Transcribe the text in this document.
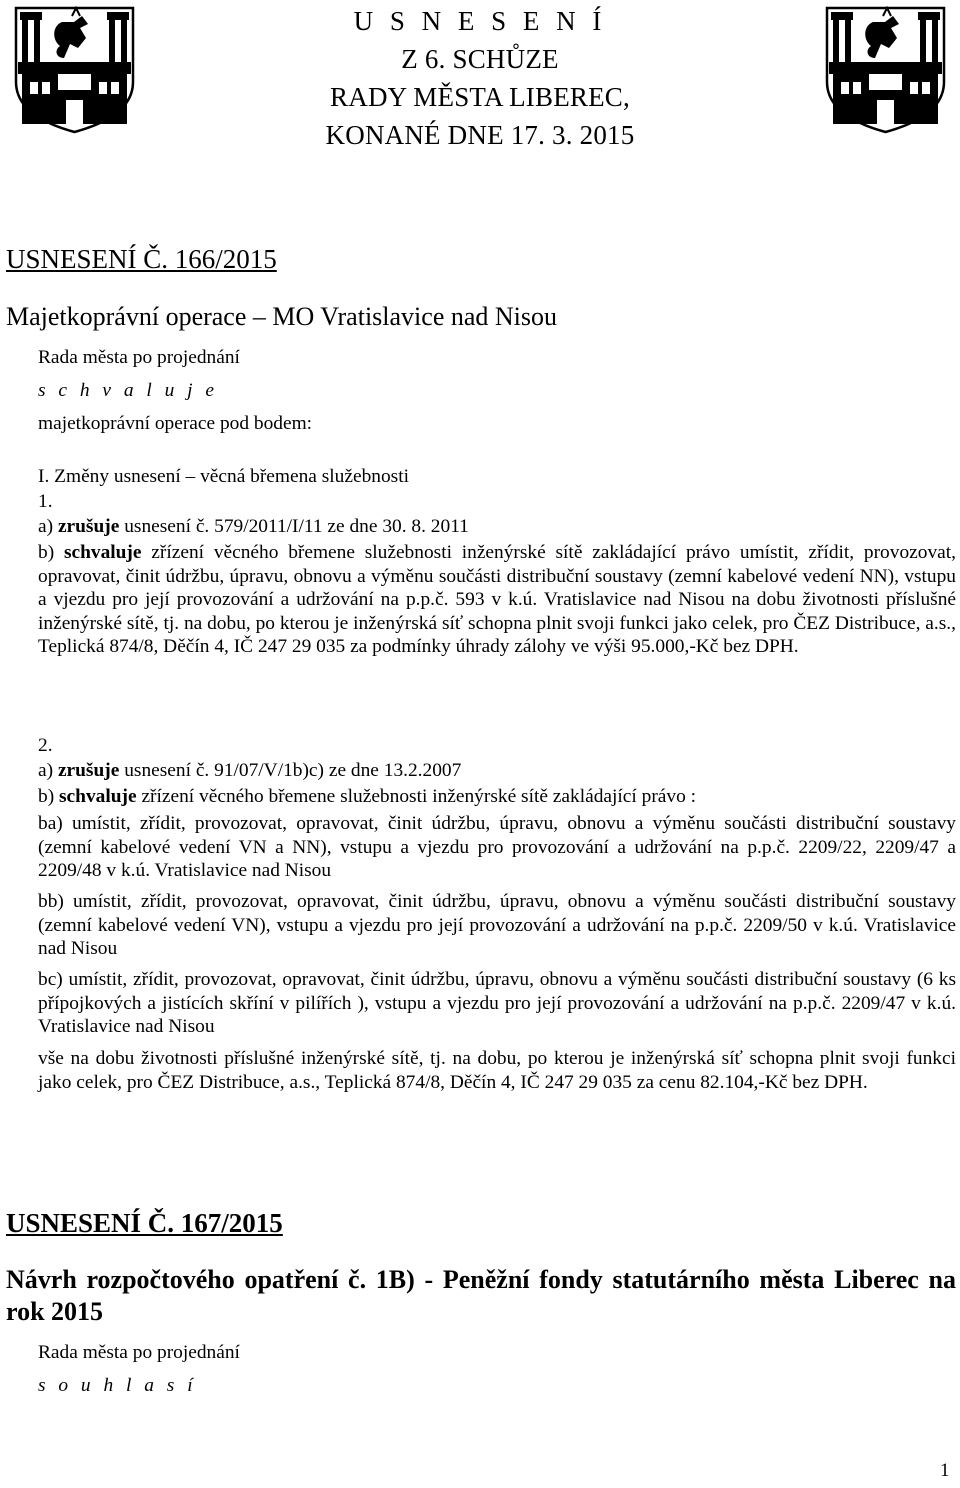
U S N E S E N Í
Z 6. SCHŮZE
RADY MĚSTA LIBEREC,
KONANÉ DNE 17. 3. 2015
USNESENÍ Č. 166/2015
Majetkoprávní operace – MO Vratislavice nad Nisou
Rada města po projednání
s c h v a l u j e
majetkoprávní operace pod bodem:
I. Změny usnesení – věcná břemena služebnosti
1.
a) zrušuje usnesení č. 579/2011/I/11 ze dne 30. 8. 2011
b) schvaluje zřízení věcného břemene služebnosti inženýrské sítě zakládající právo umístit, zřídit, provozovat, opravovat, činit údržbu, úpravu, obnovu a výměnu součásti distribuční soustavy (zemní kabelové vedení NN), vstupu a vjezdu pro její provozování a udržování na p.p.č. 593 v k.ú. Vratislavice nad Nisou na dobu životnosti příslušné inženýrské sítě, tj. na dobu, po kterou je inženýrská síť schopna plnit svoji funkci jako celek, pro ČEZ Distribuce, a.s., Teplická 874/8, Děčín 4, IČ 247 29 035 za podmínky úhrady zálohy ve výši 95.000,-Kč bez DPH.
2.
a) zrušuje usnesení č. 91/07/V/1b)c) ze dne 13.2.2007
b) schvaluje zřízení věcného břemene služebnosti inženýrské sítě zakládající právo :
ba) umístit, zřídit, provozovat, opravovat, činit údržbu, úpravu, obnovu a výměnu součásti distribuční soustavy (zemní kabelové vedení VN a NN), vstupu a vjezdu pro provozování a udržování na p.p.č. 2209/22, 2209/47 a 2209/48 v k.ú. Vratislavice nad Nisou
bb) umístit, zřídit, provozovat, opravovat, činit údržbu, úpravu, obnovu a výměnu součásti distribuční soustavy (zemní kabelové vedení VN), vstupu a vjezdu pro její provozování a udržování na p.p.č. 2209/50 v k.ú. Vratislavice nad Nisou
bc) umístit, zřídit, provozovat, opravovat, činit údržbu, úpravu, obnovu a výměnu součásti distribuční soustavy (6 ks přípojkových a jistících skříní v pilířích ), vstupu a vjezdu pro její provozování a udržování na p.p.č. 2209/47 v k.ú. Vratislavice nad Nisou
vše na dobu životnosti příslušné inženýrské sítě, tj. na dobu, po kterou je inženýrská síť schopna plnit svoji funkci jako celek, pro ČEZ Distribuce, a.s., Teplická 874/8, Děčín 4, IČ 247 29 035 za cenu 82.104,-Kč bez DPH.
USNESENÍ Č. 167/2015
Návrh rozpočtového opatření č. 1B) - Peněžní fondy statutárního města Liberec na rok 2015
Rada města po projednání
s o u h l a s í
1
